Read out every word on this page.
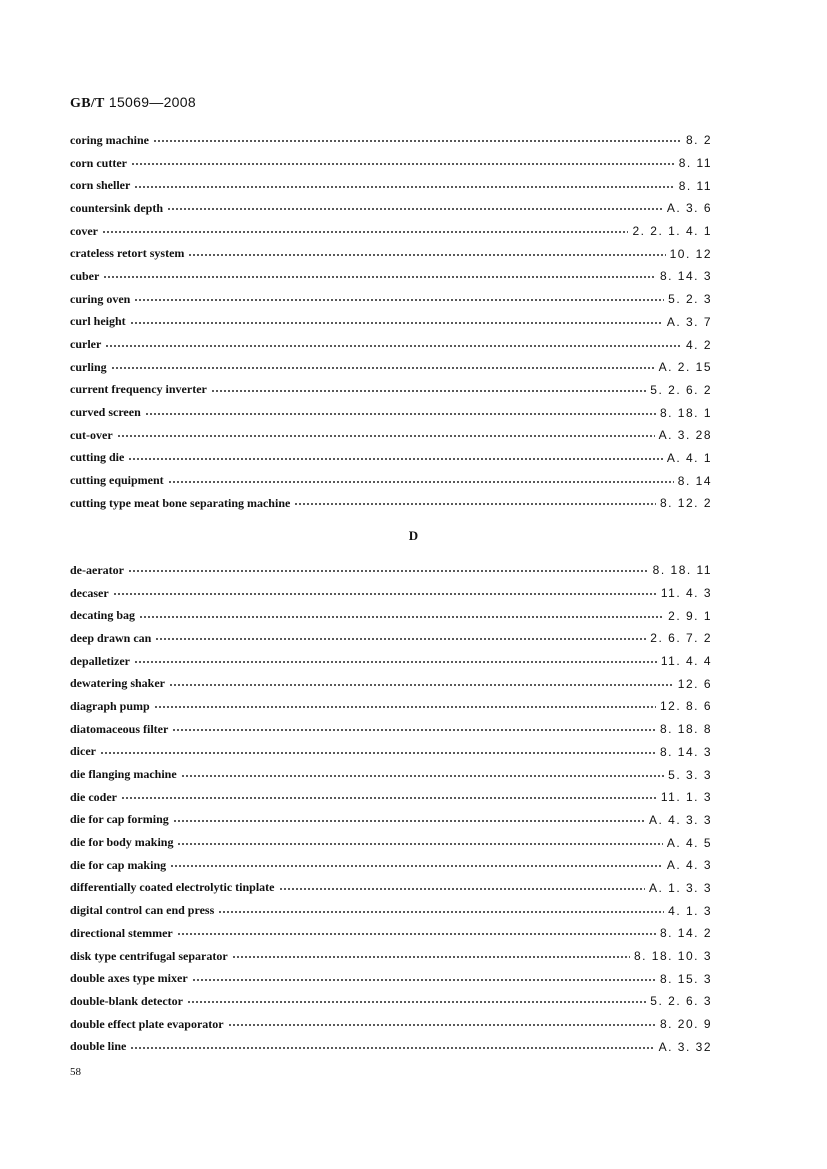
GB/T 15069—2008
coring machine	8. 2
corn cutter	8. 11
corn sheller	8. 11
countersink depth	A. 3. 6
cover	2. 2. 1. 4. 1
crateless retort system	10. 12
cuber	8. 14. 3
curing oven	5. 2. 3
curl height	A. 3. 7
curler	4. 2
curling	A. 2. 15
current frequency inverter	5. 2. 6. 2
curved screen	8. 18. 1
cut-over	A. 3. 28
cutting die	A. 4. 1
cutting equipment	8. 14
cutting type meat bone separating machine	8. 12. 2
D
de-aerator	8. 18. 11
decaser	11. 4. 3
decating bag	2. 9. 1
deep drawn can	2. 6. 7. 2
depalletizer	11. 4. 4
dewatering shaker	12. 6
diagraph pump	12. 8. 6
diatomaceous filter	8. 18. 8
dicer	8. 14. 3
die flanging machine	5. 3. 3
die coder	11. 1. 3
die for cap forming	A. 4. 3. 3
die for body making	A. 4. 5
die for cap making	A. 4. 3
differentially coated electrolytic tinplate	A. 1. 3. 3
digital control can end press	4. 1. 3
directional stemmer	8. 14. 2
disk type centrifugal separator	8. 18. 10. 3
double axes type mixer	8. 15. 3
double-blank detector	5. 2. 6. 3
double effect plate evaporator	8. 20. 9
double line	A. 3. 32
58
